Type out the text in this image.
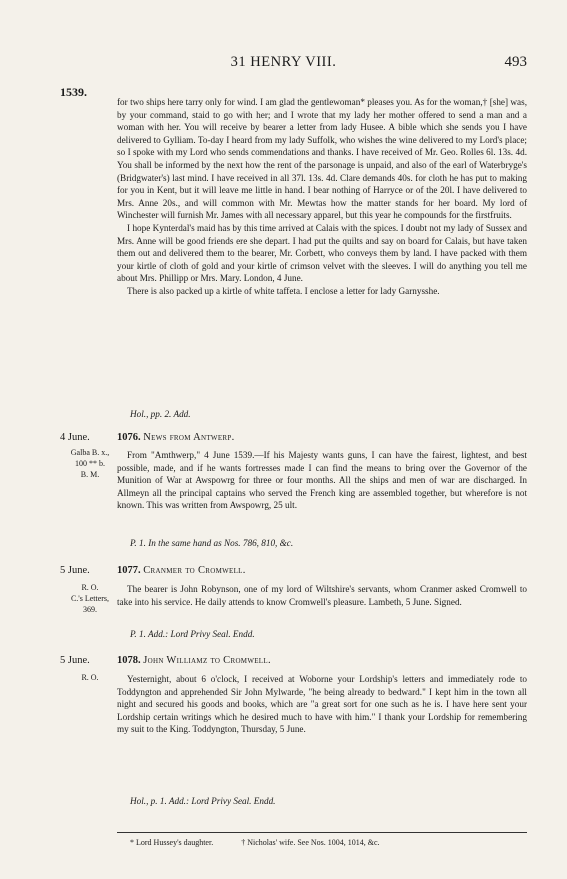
31 HENRY VIII.	493
1539.

for two ships here tarry only for wind. I am glad the gentlewoman* pleases you. As for the woman,† [she] was, by your command, staid to go with her; and I wrote that my lady her mother offered to send a man and a woman with her. You will receive by bearer a letter from lady Husee. A bible which she sends you I have delivered to Gylliam. To-day I heard from my lady Suffolk, who wishes the wine delivered to my Lord's place; so I spoke with my Lord who sends commendations and thanks. I have received of Mr. Geo. Rolles 6l. 13s. 4d. You shall be informed by the next how the rent of the parsonage is unpaid, and also of the earl of Waterbryge's (Bridgwater's) last mind. I have received in all 37l. 13s. 4d. Clare demands 40s. for cloth he has put to making for you in Kent, but it will leave me little in hand. I bear nothing of Harryce or of the 20l. I have delivered to Mrs. Anne 20s., and will common with Mr. Mewtas how the matter stands for her board. My lord of Winchester will furnish Mr. James with all necessary apparel, but this year he compounds for the firstfruits.

I hope Kynterdal's maid has by this time arrived at Calais with the spices. I doubt not my lady of Sussex and Mrs. Anne will be good friends ere she depart. I had put the quilts and say on board for Calais, but have taken them out and delivered them to the bearer, Mr. Corbett, who conveys them by land. I have packed with them your kirtle of cloth of gold and your kirtle of crimson velvet with the sleeves. I will do anything you tell me about Mrs. Phillipp or Mrs. Mary. London, 4 June.

There is also packed up a kirtle of white taffeta. I enclose a letter for lady Garnysshe.

Hol., pp. 2. Add.
4 June.
Galba B. x.,
100 ** b.
B. M.
1076. News from Antwerp.

From "Amthwerp," 4 June 1539.—If his Majesty wants guns, I can have the fairest, lightest, and best possible, made, and if he wants fortresses made I can find the means to bring over the Governor of the Munition of War at Awspowrg for three or four months. All the ships and men of war are discharged. In Allmeyn all the principal captains who served the French king are assembled together, but wherefore is not known. This was written from Awspowrg, 25 ult.

P. 1. In the same hand as Nos. 786, 810, &c.
5 June.
R. O.
C.'s Letters,
369.
1077. Cranmer to Cromwell.

The bearer is John Robynson, one of my lord of Wiltshire's servants, whom Cranmer asked Cromwell to take into his service. He daily attends to know Cromwell's pleasure. Lambeth, 5 June. Signed.

P. 1. Add.: Lord Privy Seal. Endd.
5 June.
R. O.
1078. John Williamz to Cromwell.

Yesternight, about 6 o'clock, I received at Woborne your Lordship's letters and immediately rode to Toddyngton and apprehended Sir John Mylwarde, "he being already to bedward." I kept him in the town all night and secured his goods and books, which are "a great sort for one such as he is. I have here sent your Lordship certain writings which he desired much to have with him." I thank your Lordship for remembering my suit to the King. Toddyngton, Thursday, 5 June.

Hol., p. 1. Add.: Lord Privy Seal. Endd.
* Lord Hussey's daughter.	† Nicholas' wife. See Nos. 1004, 1014, &c.
